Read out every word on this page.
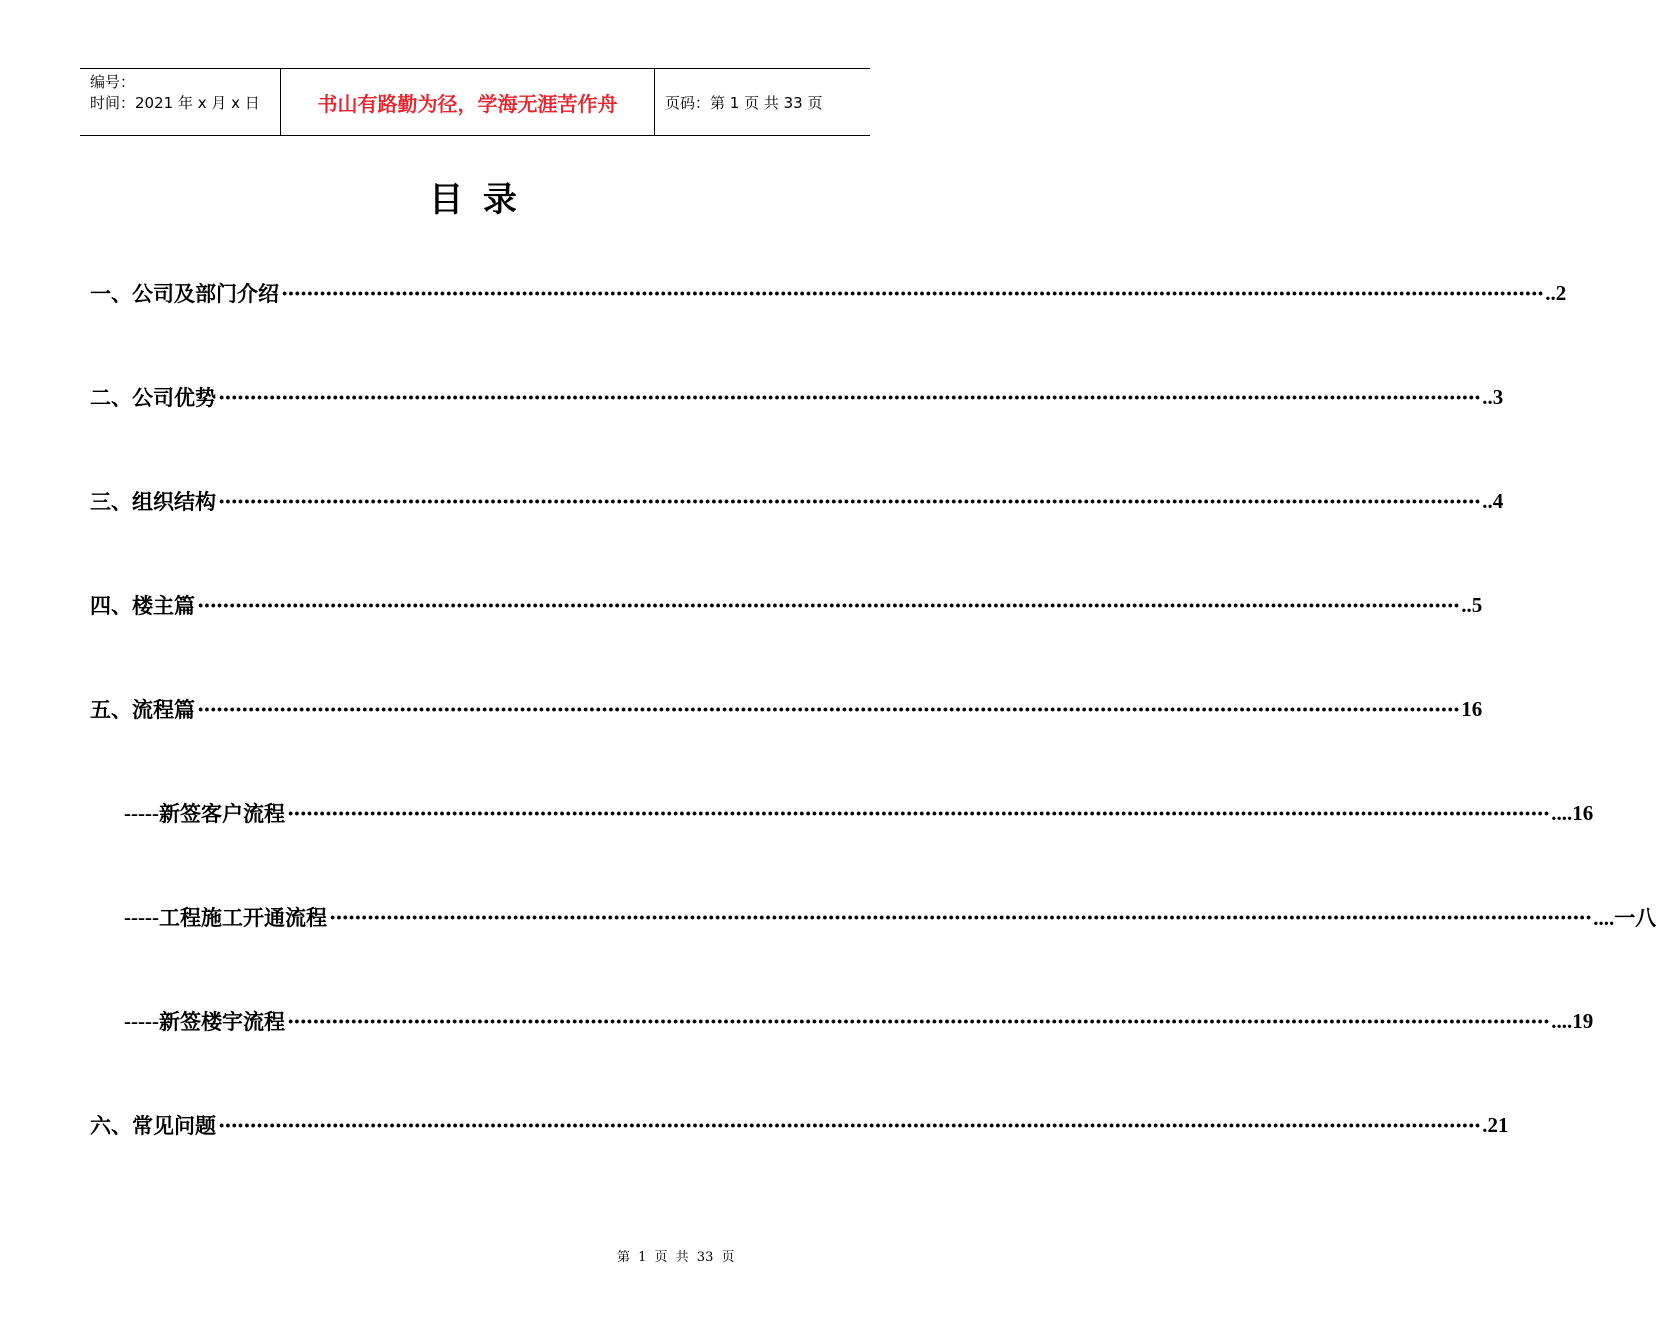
编号：
时间：2021 年 x 月 x 日	书山有路勤为径，学海无涯苦作舟	页码：第 1 页 共 33 页
目 录
一、 公司及部门介绍 ········································································································································································································ ..2
二、 公司优势 ········································································································································································································ ..3
三、 组织结构 ········································································································································································································ ..4
四、 楼主篇 ········································································································································································································ ..5
五、 流程篇 ········································································································································································································ 16
----- 新签客户流程 ········································································································································································································ ....16
----- 工程施工开通流程 ········································································································································································································ ....一八
----- 新签楼宇流程 ········································································································································································································ ....19
六、 常见问题 ········································································································································································································ .21
第 1 页 共 33 页
